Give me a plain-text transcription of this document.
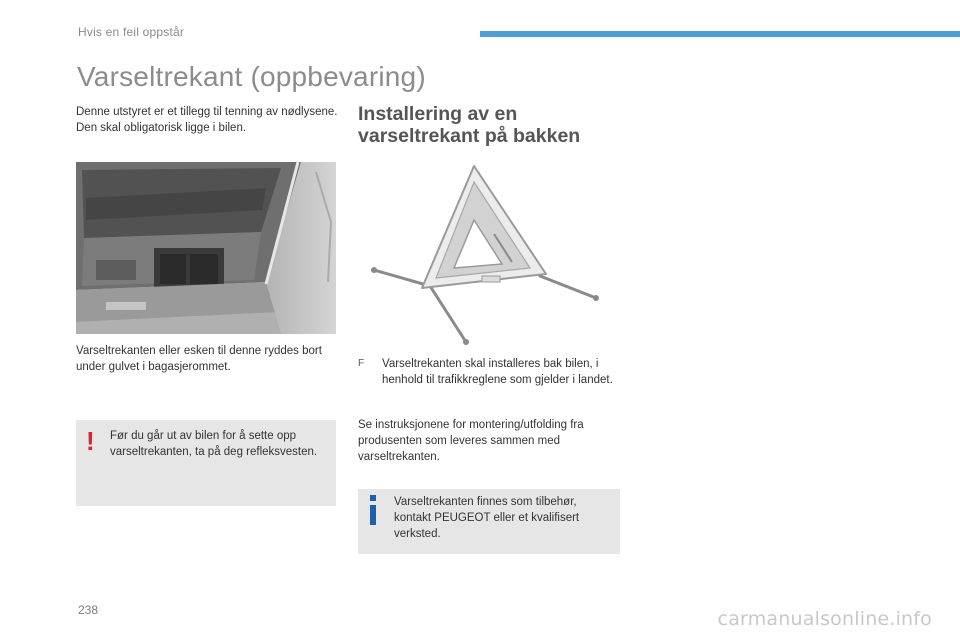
Hvis en feil oppstår
Varseltrekant (oppbevaring)

Denne utstyret er et tillegg til tenning av nødlysene.

Den skal obligatorisk ligge i bilen.

Varseltrekanten eller esken til denne ryddes bort under gulvet i bagasjerommet.
! Før du går ut av bilen for å sette opp varseltrekanten, ta på deg refleksvesten.
Installering av en
varseltrekant på bakken
F	Varseltrekanten skal installeres bak bilen, i henhold til trafikkreglene som gjelder i landet.
Se instruksjonene for montering/utfolding fra produsenten som leveres sammen med varseltrekanten.
Varseltrekanten finnes som tilbehør, kontakt PEUGEOT eller et kvalifisert verksted.
238	carmanualsonline.info
